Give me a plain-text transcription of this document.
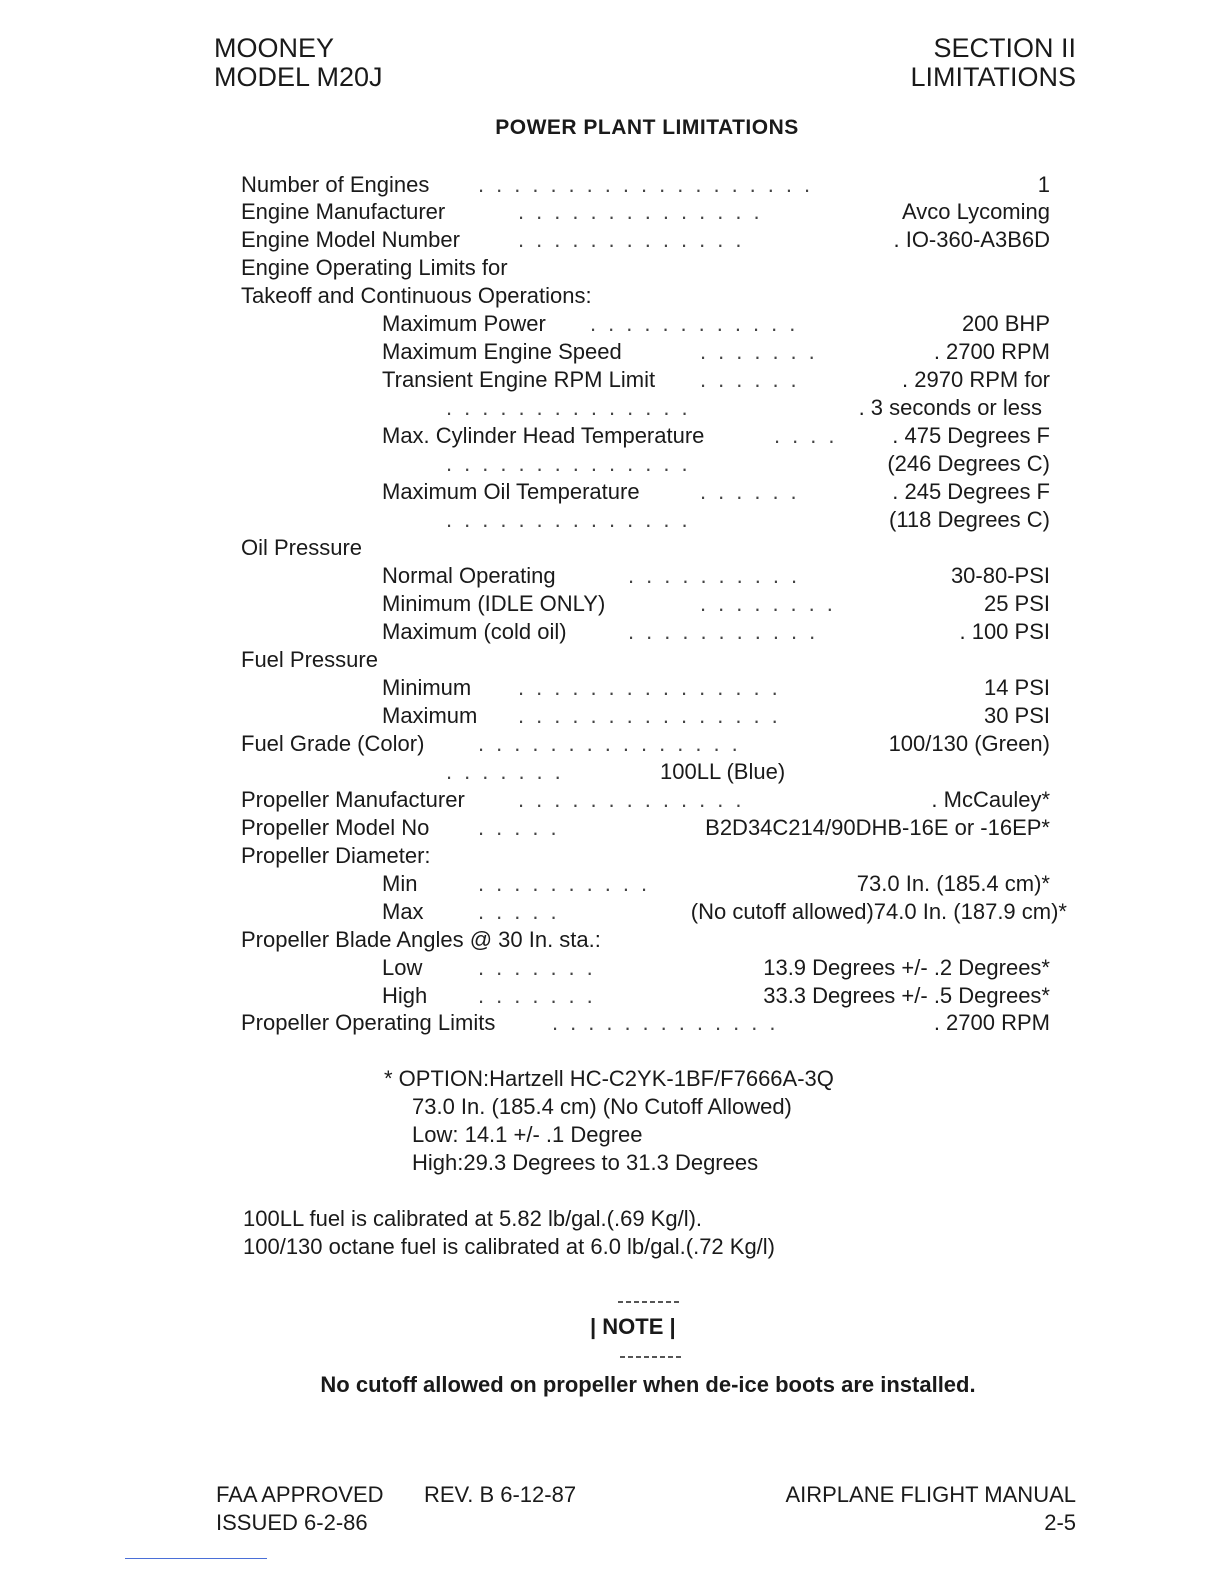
MOONEY
MODEL M20J
SECTION II
LIMITATIONS
POWER PLANT LIMITATIONS
Number of Engines ...................	1
Engine Manufacturer	..............	Avco Lycoming
Engine Model Number	.............	. IO-360-A3B6D
Engine Operating Limits for
Takeoff and Continuous Operations:
Maximum Power ............	200 BHP
Maximum Engine Speed	.......	. 2700 RPM
Transient Engine RPM Limit ......	. 2970 RPM for
..............	. 3 seconds or less
Max. Cylinder Head Temperature	.... . 475 Degrees F
..............	(246 Degrees C)
Maximum Oil Temperature	......	. 245 Degrees F
..............	(118 Degrees C)
Oil Pressure
Normal Operating	..........	30-80-PSI
Minimum (IDLE ONLY)	........	25 PSI
Maximum (cold oil)	...........	. 100 PSI
Fuel Pressure
Minimum ...............	14 PSI
Maximum ...............	30 PSI
Fuel Grade (Color) ...............	100/130 (Green)
.......	100LL (Blue)
Propeller Manufacturer .............	. McCauley*
Propeller Model No .....	B2D34C214/90DHB-16E or -16EP*
Propeller Diameter:
Min	..........	73.0 In. (185.4 cm)*
Max .....	(No cutoff allowed)74.0 In. (187.9 cm)*
Propeller Blade Angles @ 30 In. sta.:
Low	.......	13.9 Degrees +/- .2 Degrees*
High .......	33.3 Degrees +/- .5 Degrees*
Propeller Operating Limits	.............	. 2700 RPM
* OPTION:Hartzell HC-C2YK-1BF/F7666A-3Q
73.0 In. (185.4 cm) (No Cutoff Allowed)
Low: 14.1 +/- .1 Degree
High:29.3 Degrees to 31.3 Degrees
100LL fuel is calibrated at 5.82 lb/gal.(.69 Kg/l).
100/130 octane fuel is calibrated at 6.0 lb/gal.(.72 Kg/l)
| NOTE |
No cutoff allowed on propeller when de-ice boots are installed.
FAA APPROVED REV. B 6-12-87
ISSUED 6-2-86
AIRPLANE FLIGHT MANUAL
2-5
